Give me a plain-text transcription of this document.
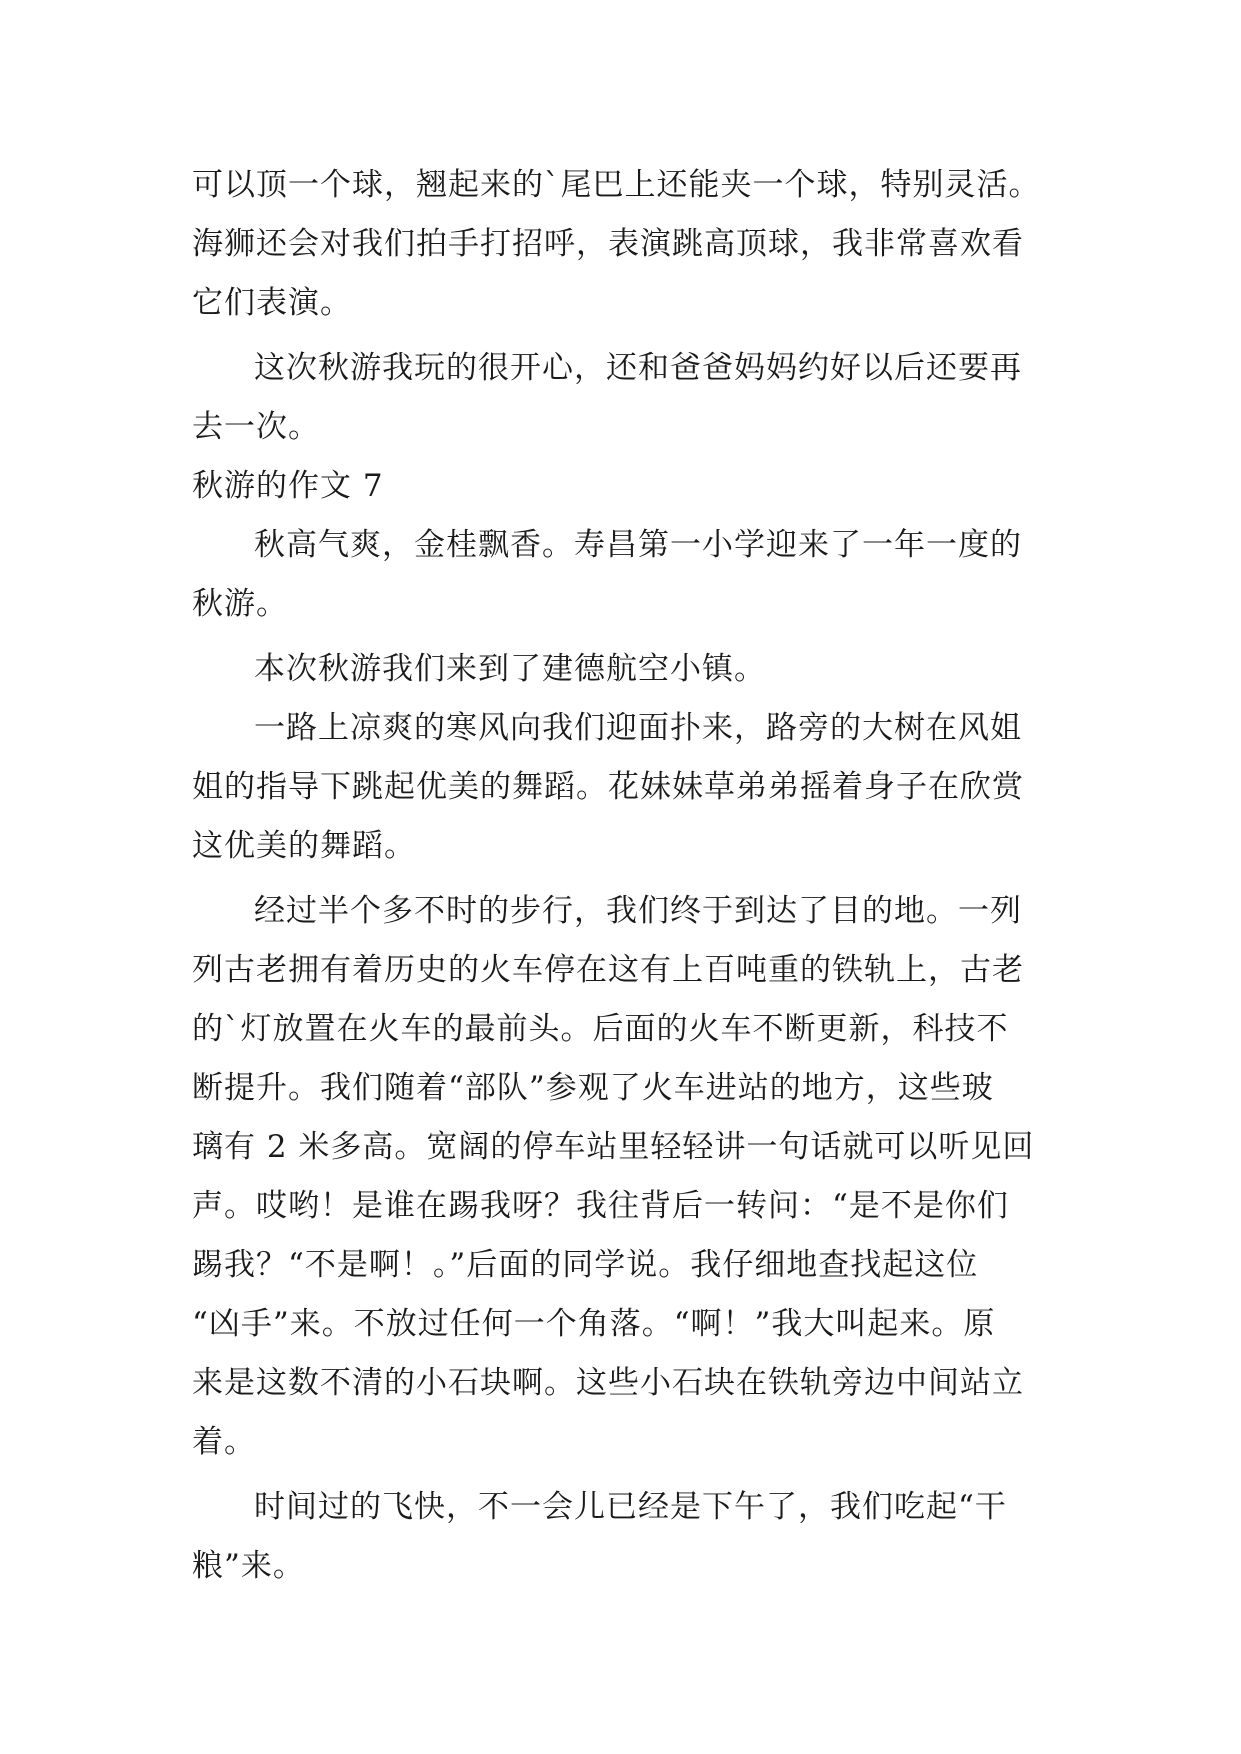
可以顶一个球，翘起来的`尾巴上还能夹一个球，特别灵活。
海狮还会对我们拍手打招呼，表演跳高顶球，我非常喜欢看
它们表演。
这次秋游我玩的很开心，还和爸爸妈妈约好以后还要再
去一次。
秋游的作文 7
秋高气爽，金桂飘香。寿昌第一小学迎来了一年一度的
秋游。
本次秋游我们来到了建德航空小镇。
一路上凉爽的寒风向我们迎面扑来，路旁的大树在风姐
姐的指导下跳起优美的舞蹈。花妹妹草弟弟摇着身子在欣赏
这优美的舞蹈。
经过半个多不时的步行，我们终于到达了目的地。一列
列古老拥有着历史的火车停在这有上百吨重的铁轨上，古老
的`灯放置在火车的最前头。后面的火车不断更新，科技不
断提升。我们随着“部队”参观了火车进站的地方，这些玻
璃有 2 米多高。宽阔的停车站里轻轻讲一句话就可以听见回
声。哎哟！是谁在踢我呀？我往背后一转问：“是不是你们
踢我？“不是啊！。”后面的同学说。我仔细地查找起这位
“凶手”来。不放过任何一个角落。“啊！”我大叫起来。原
来是这数不清的小石块啊。这些小石块在铁轨旁边中间站立
着。
时间过的飞快，不一会儿已经是下午了，我们吃起“干
粮”来。
